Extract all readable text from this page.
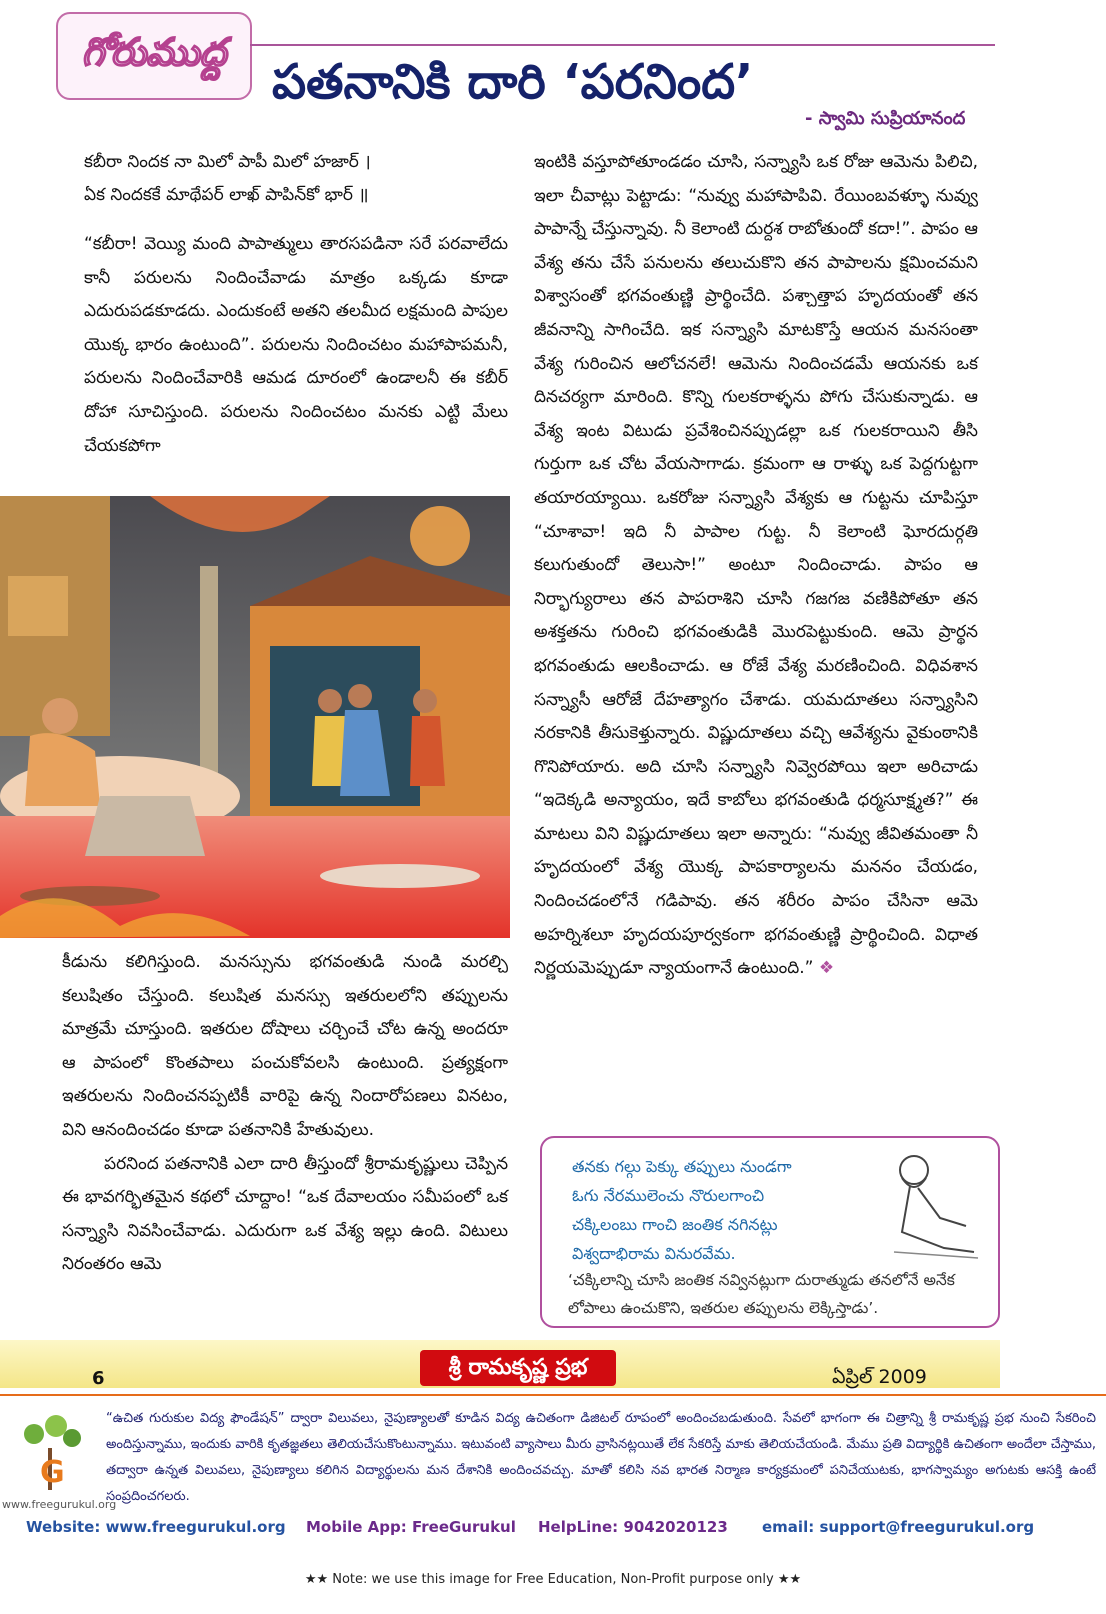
గోరుముద్ద
పతనానికి దారి ‘పరనింద’
- స్వామి సుప్రియానంద

కబీరా నిందక నా మిలో పాపీ మిలో హజార్ ।

ఏక నిందకకే మాథేపర్ లాఖ్ పాపిన్‌కో భార్ ॥

“కబీరా! వెయ్యి మంది పాపాత్ములు తారసపడినా సరే పరవాలేదు కానీ పరులను నిందించేవాడు మాత్రం ఒక్కడు కూడా ఎదురుపడకూడదు. ఎందుకంటే అతని తలమీద లక్షమంది పాపుల యొక్క భారం ఉంటుంది”. పరులను నిందించటం మహాపాపమనీ, పరులను నిందించేవారికి ఆమడ దూరంలో ఉండాలనీ ఈ కబీర్ దోహా సూచిస్తుంది. పరులను నిందించటం మనకు ఎట్టి మేలు చేయకపోగా

కీడును కలిగిస్తుంది. మనస్సును భగవంతుడి నుండి మరల్చి కలుషితం చేస్తుంది. కలుషిత మనస్సు ఇతరులలోని తప్పులను మాత్రమే చూస్తుంది. ఇతరుల దోషాలు చర్చించే చోట ఉన్న అందరూ ఆ పాపంలో కొంతపాలు పంచుకోవలసి ఉంటుంది. ప్రత్యక్షంగా ఇతరులను నిందించనప్పటికీ వారిపై ఉన్న నిందారోపణలు వినటం, విని ఆనందించడం కూడా పతనానికి హేతువులు.

పరనింద పతనానికి ఎలా దారి తీస్తుందో శ్రీరామకృష్ణులు చెప్పిన ఈ భావగర్భితమైన కథలో చూద్దాం! “ఒక దేవాలయం సమీపంలో ఒక సన్న్యాసి నివసించేవాడు. ఎదురుగా ఒక వేశ్య ఇల్లు ఉంది. విటులు నిరంతరం ఆమె

ఇంటికి వస్తూపోతూండడం చూసి, సన్న్యాసి ఒక రోజు ఆమెను పిలిచి, ఇలా చీవాట్లు పెట్టాడు: “నువ్వు మహాపాపివి. రేయింబవళ్ళూ నువ్వు పాపాన్నే చేస్తున్నావు. నీ కెలాంటి దుర్దశ రాబోతుందో కదా!”. పాపం ఆ వేశ్య తను చేసే పనులను తలుచుకొని తన పాపాలను క్షమించమని విశ్వాసంతో భగవంతుణ్ణి ప్రార్థించేది. పశ్చాత్తాప హృదయంతో తన జీవనాన్ని సాగించేది. ఇక సన్న్యాసి మాటకొస్తే ఆయన మనసంతా వేశ్య గురించిన ఆలోచనలే! ఆమెను నిందించడమే ఆయనకు ఒక దినచర్యగా మారింది. కొన్ని గులకరాళ్ళను పోగు చేసుకున్నాడు. ఆ వేశ్య ఇంట విటుడు ప్రవేశించినప్పుడల్లా ఒక గులకరాయిని తీసి గుర్తుగా ఒక చోట వేయసాగాడు. క్రమంగా ఆ రాళ్ళు ఒక పెద్దగుట్టగా తయారయ్యాయి. ఒకరోజు సన్న్యాసి వేశ్యకు ఆ గుట్టను చూపిస్తూ “చూశావా! ఇది నీ పాపాల గుట్ట. నీ కెలాంటి ఘోరదుర్గతి కలుగుతుందో తెలుసా!” అంటూ నిందించాడు. పాపం ఆ నిర్భాగ్యురాలు తన పాపరాశిని చూసి గజగజ వణికిపోతూ తన అశక్తతను గురించి భగవంతుడికి మొరపెట్టుకుంది. ఆమె ప్రార్థన భగవంతుడు ఆలకించాడు. ఆ రోజే వేశ్య మరణించింది. విధివశాన సన్న్యాసీ ఆరోజే దేహత్యాగం చేశాడు. యమదూతలు సన్న్యాసిని నరకానికి తీసుకెళ్తున్నారు. విష్ణుదూతలు వచ్చి ఆవేశ్యను వైకుంఠానికి గొనిపోయారు. అది చూసి సన్న్యాసి నివ్వెరపోయి ఇలా అరిచాడు “ఇదెక్కడి అన్యాయం, ఇదే కాబోలు భగవంతుడి ధర్మసూక్ష్మత?” ఈ మాటలు విని విష్ణుదూతలు ఇలా అన్నారు: “నువ్వు జీవితమంతా నీ హృదయంలో వేశ్య యొక్క పాపకార్యాలను మననం చేయడం, నిందించడంలోనే గడిపావు. తన శరీరం పాపం చేసినా ఆమె అహర్నిశలూ హృదయపూర్వకంగా భగవంతుణ్ణి ప్రార్థించింది. విధాత నిర్ణయమెప్పుడూ న్యాయంగానే ఉంటుంది.” ❖

తనకు గల్గు పెక్కు తప్పులు నుండగా
ఓగు నేరములెంచు నొరులగాంచి
చక్కిలంబు గాంచి జంతిక నగినట్లు
విశ్వదాభిరామ వినురవేమ.
‘చక్కిలాన్ని చూసి జంతిక నవ్వినట్లుగా దురాత్ముడు తనలోనే అనేక లోపాలు ఉంచుకొని, ఇతరుల తప్పులను లెక్కిస్తాడు’.
6	శ్రీ రామకృష్ణ ప్రభ	ఏప్రిల్ 2009
G
www.freegurukul.org
“ఉచిత గురుకుల విద్య ఫౌండేషన్” ద్వారా విలువలు, నైపుణ్యాలతో కూడిన విద్య ఉచితంగా డిజిటల్ రూపంలో అందించబడుతుంది. సేవలో భాగంగా ఈ చిత్రాన్ని శ్రీ రామకృష్ణ ప్రభ నుంచి సేకరించి అందిస్తున్నాము, ఇందుకు వారికి కృతజ్ఞతలు తెలియచేసుకొంటున్నాము. ఇటువంటి వ్యాసాలు మీరు వ్రాసినట్లయితే లేక సేకరిస్తే మాకు తెలియచేయండి. మేము ప్రతి విద్యార్థికి ఉచితంగా అందేలా చేస్తాము, తద్వారా ఉన్నత విలువలు, నైపుణ్యాలు కలిగిన విద్యార్థులను మన దేశానికి అందించవచ్చు. మాతో కలిసి నవ భారత నిర్మాణ కార్యక్రమంలో పనిచేయుటకు, భాగస్వామ్యం అగుటకు ఆసక్తి ఉంటే సంప్రదించగలరు.
Website: www.freegurukul.org Mobile App: FreeGurukul HelpLine: 9042020123 email: support@freegurukul.org
★★ Note: we use this image for Free Education, Non-Profit purpose only ★★
